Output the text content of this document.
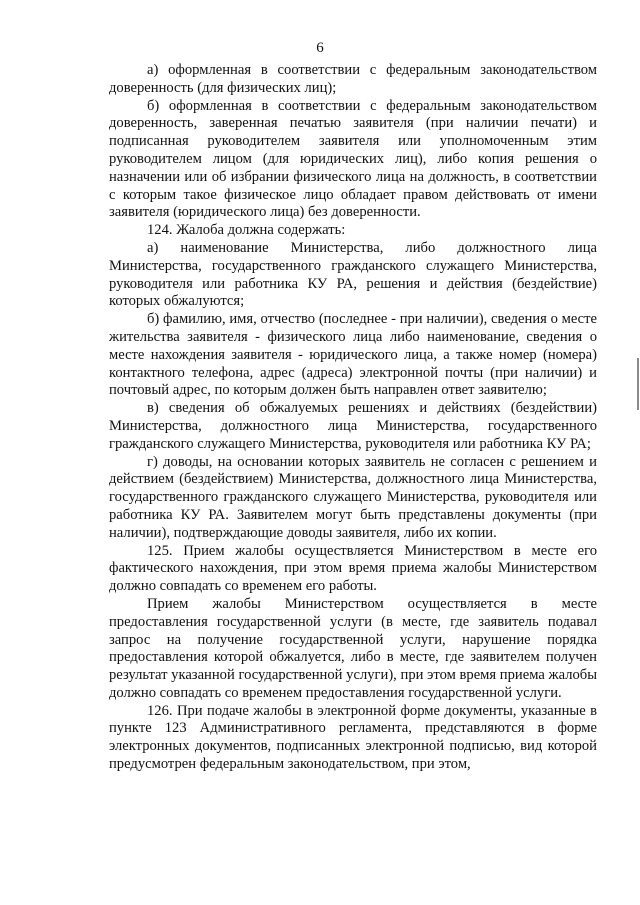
6

а) оформленная в соответствии с федеральным законодательством доверенность (для физических лиц);

б) оформленная в соответствии с федеральным законодательством доверенность, заверенная печатью заявителя (при наличии печати) и подписанная руководителем заявителя или уполномоченным этим руководителем лицом (для юридических лиц), либо копия решения о назначении или об избрании физического лица на должность, в соответствии с которым такое физическое лицо обладает правом действовать от имени заявителя (юридического лица) без доверенности.

124. Жалоба должна содержать:

а) наименование Министерства, либо должностного лица Министерства, государственного гражданского служащего Министерства, руководителя или работника КУ РА, решения и действия (бездействие) которых обжалуются;

б) фамилию, имя, отчество (последнее - при наличии), сведения о месте жительства заявителя - физического лица либо наименование, сведения о месте нахождения заявителя - юридического лица, а также номер (номера) контактного телефона, адрес (адреса) электронной почты (при наличии) и почтовый адрес, по которым должен быть направлен ответ заявителю;

в) сведения об обжалуемых решениях и действиях (бездействии) Министерства, должностного лица Министерства, государственного гражданского служащего Министерства, руководителя или работника КУ РА;

г) доводы, на основании которых заявитель не согласен с решением и действием (бездействием) Министерства, должностного лица Министерства, государственного гражданского служащего Министерства, руководителя или работника КУ РА. Заявителем могут быть представлены документы (при наличии), подтверждающие доводы заявителя, либо их копии.

125. Прием жалобы осуществляется Министерством в месте его фактического нахождения, при этом время приема жалобы Министерством должно совпадать со временем его работы.

Прием жалобы Министерством осуществляется в месте предоставления государственной услуги (в месте, где заявитель подавал запрос на получение государственной услуги, нарушение порядка предоставления которой обжалуется, либо в месте, где заявителем получен результат указанной государственной услуги), при этом время приема жалобы должно совпадать со временем предоставления государственной услуги.

126. При подаче жалобы в электронной форме документы, указанные в пункте 123 Административного регламента, представляются в форме электронных документов, подписанных электронной подписью, вид которой предусмотрен федеральным законодательством, при этом,
